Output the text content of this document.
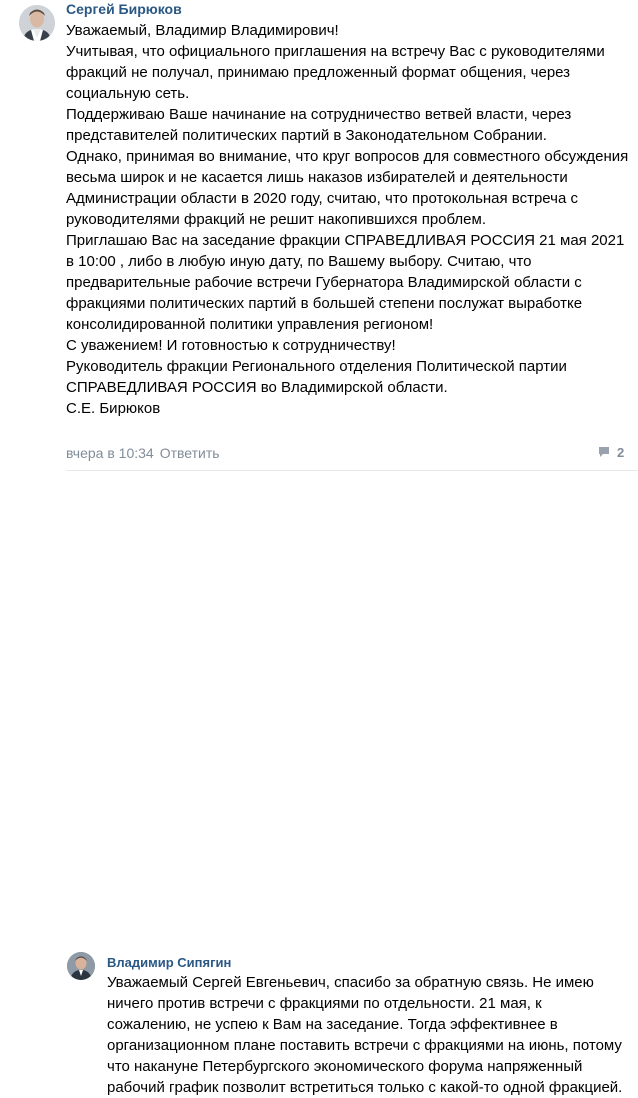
Сергей Бирюков

Уважаемый, Владимир Владимирович!

Учитывая, что официального приглашения на встречу Вас с руководителями фракций не получал, принимаю предложенный формат общения, через социальную сеть.

Поддерживаю Ваше начинание на сотрудничество ветвей власти, через представителей политических партий в Законодательном Собрании.

Однако, принимая во внимание, что круг вопросов для совместного обсуждения весьма широк и не касается лишь наказов избирателей и деятельности Администрации области в 2020 году, считаю, что протокольная встреча с руководителями фракций не решит накопившихся проблем.

Приглашаю Вас на заседание фракции СПРАВЕДЛИВАЯ РОССИЯ 21 мая 2021 в 10:00 , либо в любую иную дату, по Вашему выбору. Считаю, что предварительные рабочие встречи Губернатора Владимирской области с фракциями политических партий в большей степени послужат выработке консолидированной политики управления регионом!

С уважением! И готовностью к сотрудничеству!

Руководитель фракции Регионального отделения Политической партии СПРАВЕДЛИВАЯ РОССИЯ во Владимирской области.

С.Е. Бирюков

вчера в 10:34 Ответить	2
Владимир Сипягин

Уважаемый Сергей Евгеньевич, спасибо за обратную связь. Не имею ничего против встречи с фракциями по отдельности. 21 мая, к сожалению, не успею к Вам на заседание. Тогда эффективнее в организационном плане поставить встречи с фракциями на июнь, потому что накануне Петербургского экономического форума напряженный рабочий график позволит встретиться только с какой-то одной фракцией.
